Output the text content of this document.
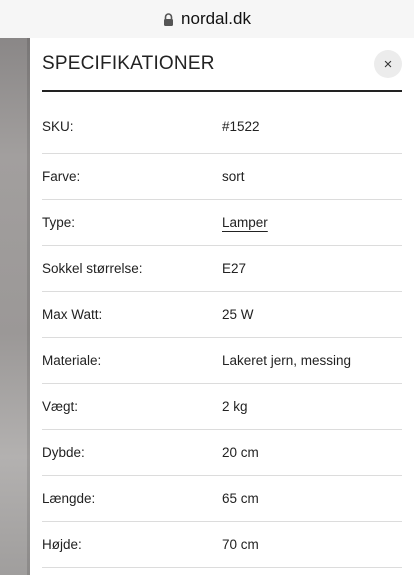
nordal.dk
SPECIFIKATIONER	×
SKU:	#1522
Farve:	sort
Type:	Lamper
Sokkel størrelse:	E27
Max Watt:	25 W
Materiale:	Lakeret jern, messing
Vægt:	2 kg
Dybde:	20 cm
Længde:	65 cm
Højde:	70 cm
